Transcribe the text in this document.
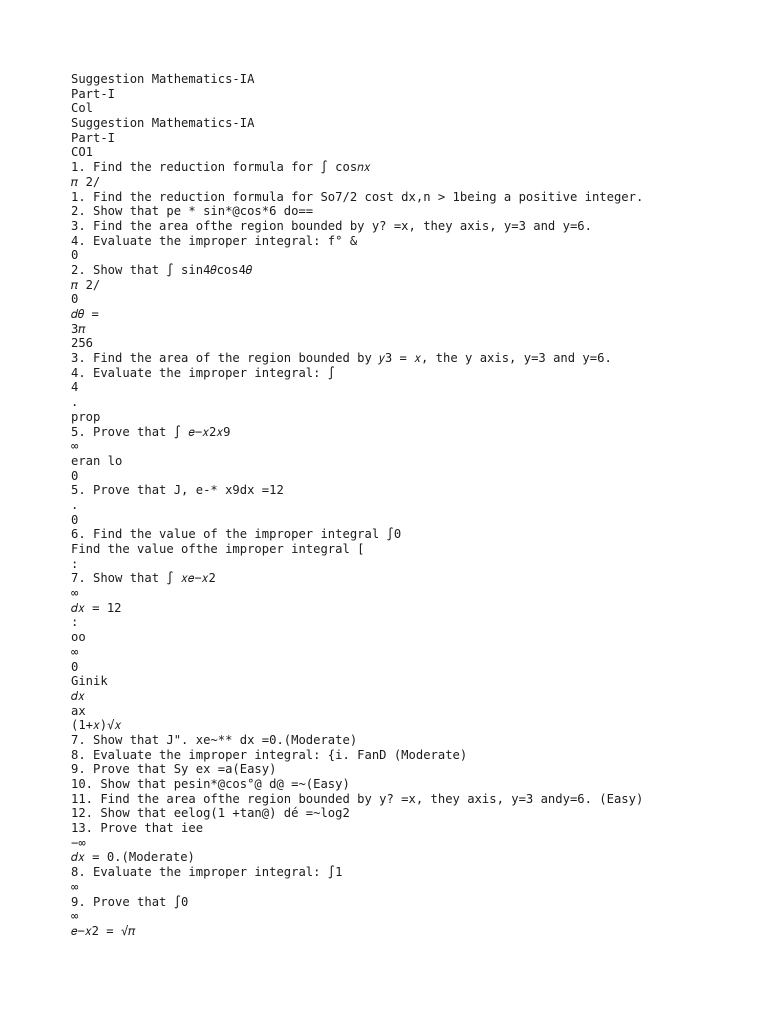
Suggestion Mathematics-IA
Part-I
Col
Suggestion Mathematics-IA
Part-I
CO1
1. Find the reduction formula for ∫ cos𝑛𝑥
𝜋 2/
1. Find the reduction formula for So7/2 cost dx,n > 1being a positive integer.
2. Show that pe * sin*@cos*6 do==
3. Find the area ofthe region bounded by y? =x, they axis, y=3 and y=6.
4. Evaluate the improper integral: f° &
0
2. Show that ∫ sin4𝜃cos4𝜃
𝜋 2/
0
𝑑𝜃 =
3𝜋
256
3. Find the area of the region bounded by 𝑦3 = 𝑥, the y axis, y=3 and y=6.
4. Evaluate the improper integral: ∫
4
.
prop
5. Prove that ∫ 𝑒−𝑥2𝑥9
∞
eran lo
0
5. Prove that J, e-* x9dx =12
.
0
6. Find the value of the improper integral ∫0
Find the value ofthe improper integral [
:
7. Show that ∫ 𝑥𝑒−𝑥2
∞
𝑑𝑥 = 12
:
oo
∞
0
Ginik
𝑑𝑥
ax
(1+𝑥)√𝑥
7. Show that J". xe~** dx =0.(Moderate)
8. Evaluate the improper integral: {i. FanD (Moderate)
9. Prove that Sy ex =a(Easy)
10. Show that pesin*@cos°@ d@ =~(Easy)
11. Find the area ofthe region bounded by y? =x, they axis, y=3 andy=6. (Easy)
12. Show that eelog(1 +tan@) dé =~log2
13. Prove that iee
−∞
𝑑𝑥 = 0.(Moderate)
8. Evaluate the improper integral: ∫1
∞
9. Prove that ∫0
∞
𝑒−𝑥2 = √𝜋
